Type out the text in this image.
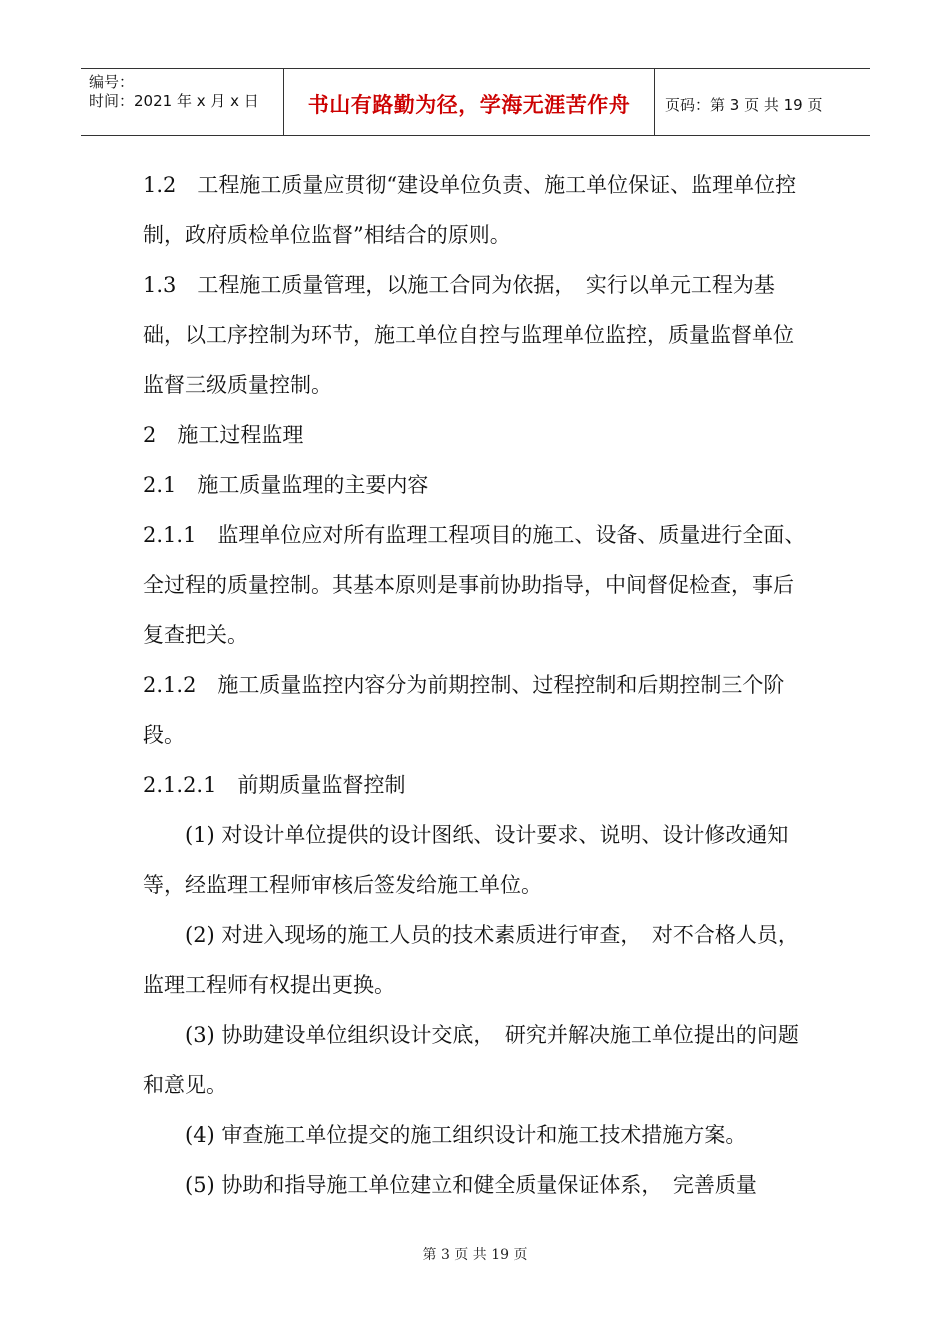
编号：
时间：2021 年 x 月 x 日	书山有路勤为径，学海无涯苦作舟 页码：第 3 页 共 19 页

1.2　工程施工质量应贯彻“建设单位负责、施工单位保证、监理单位控制，政府质检单位监督”相结合的原则。

1.3　工程施工质量管理，以施工合同为依据，　实行以单元工程为基础，以工序控制为环节，施工单位自控与监理单位监控，质量监督单位监督三级质量控制。

2　施工过程监理

2.1　施工质量监理的主要内容

2.1.1　监理单位应对所有监理工程项目的施工、设备、质量进行全面、全过程的质量控制。其基本原则是事前协助指导，中间督促检查，事后复查把关。

2.1.2　施工质量监控内容分为前期控制、过程控制和后期控制三个阶段。

2.1.2.1　前期质量监督控制

(1) 对设计单位提供的设计图纸、设计要求、说明、设计修改通知等，经监理工程师审核后签发给施工单位。

(2) 对进入现场的施工人员的技术素质进行审查，　对不合格人员，监理工程师有权提出更换。

(3) 协助建设单位组织设计交底，　研究并解决施工单位提出的问题和意见。

(4) 审查施工单位提交的施工组织设计和施工技术措施方案。

(5) 协助和指导施工单位建立和健全质量保证体系，　完善质量

第 3 页 共 19 页
